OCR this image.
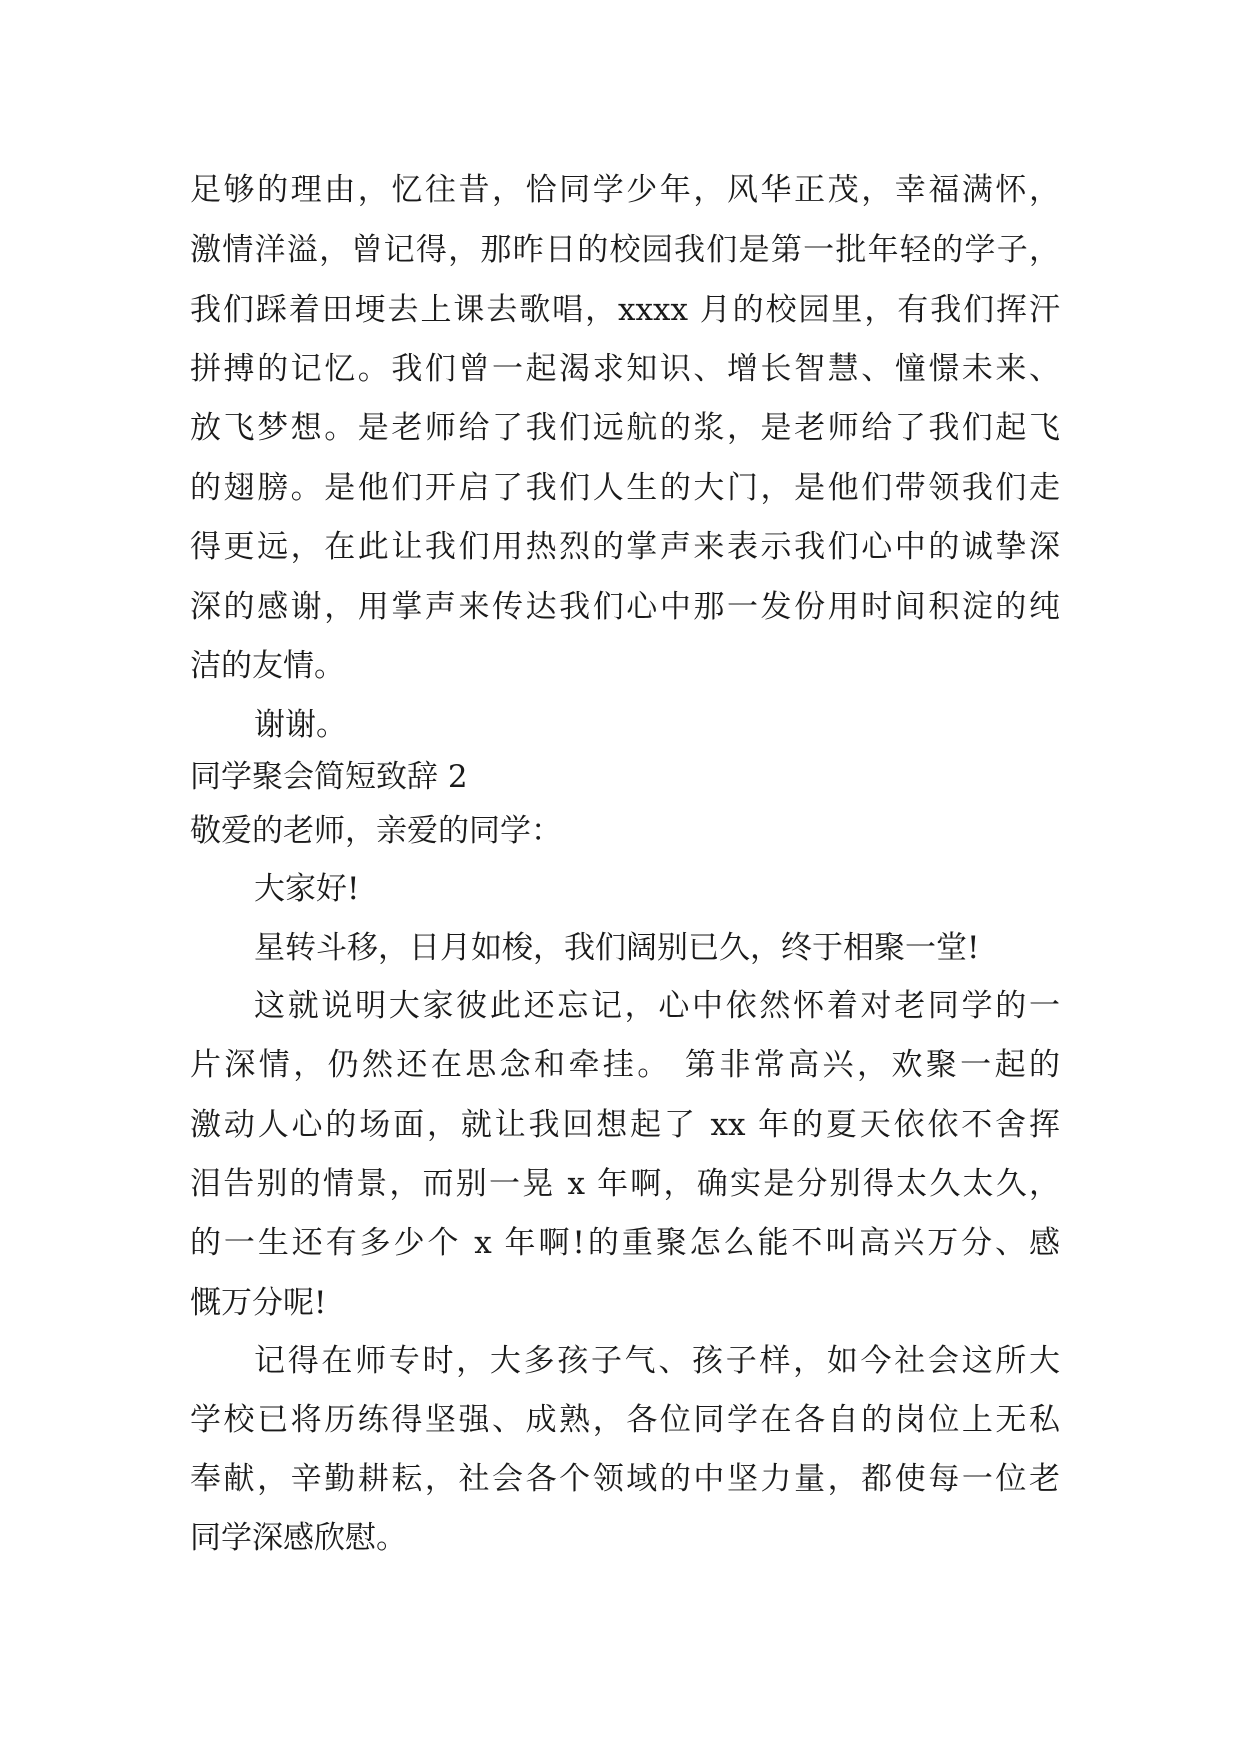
足够的理由，忆往昔，恰同学少年，风华正茂，幸福满怀，
激情洋溢，曾记得，那昨日的校园我们是第一批年轻的学子，
我们踩着田埂去上课去歌唱，xxxx 月的校园里，有我们挥汗
拼搏的记忆。我们曾一起渴求知识、增长智慧、憧憬未来、
放飞梦想。是老师给了我们远航的浆，是老师给了我们起飞
的翅膀。是他们开启了我们人生的大门，是他们带领我们走
得更远，在此让我们用热烈的掌声来表示我们心中的诚挚深
深的感谢，用掌声来传达我们心中那一发份用时间积淀的纯
洁的友情。
谢谢。
同学聚会简短致辞 2
敬爱的老师，亲爱的同学：
大家好!
星转斗移，日月如梭，我们阔别已久，终于相聚一堂!
这就说明大家彼此还忘记，心中依然怀着对老同学的一
片深情，仍然还在思念和牵挂。 第非常高兴，欢聚一起的
激动人心的场面，就让我回想起了 xx 年的夏天依依不舍挥
泪告别的情景，而别一晃 x 年啊，确实是分别得太久太久，
的一生还有多少个 x 年啊!的重聚怎么能不叫高兴万分、感
慨万分呢!
记得在师专时，大多孩子气、孩子样，如今社会这所大
学校已将历练得坚强、成熟，各位同学在各自的岗位上无私
奉献，辛勤耕耘，社会各个领域的中坚力量，都使每一位老
同学深感欣慰。
